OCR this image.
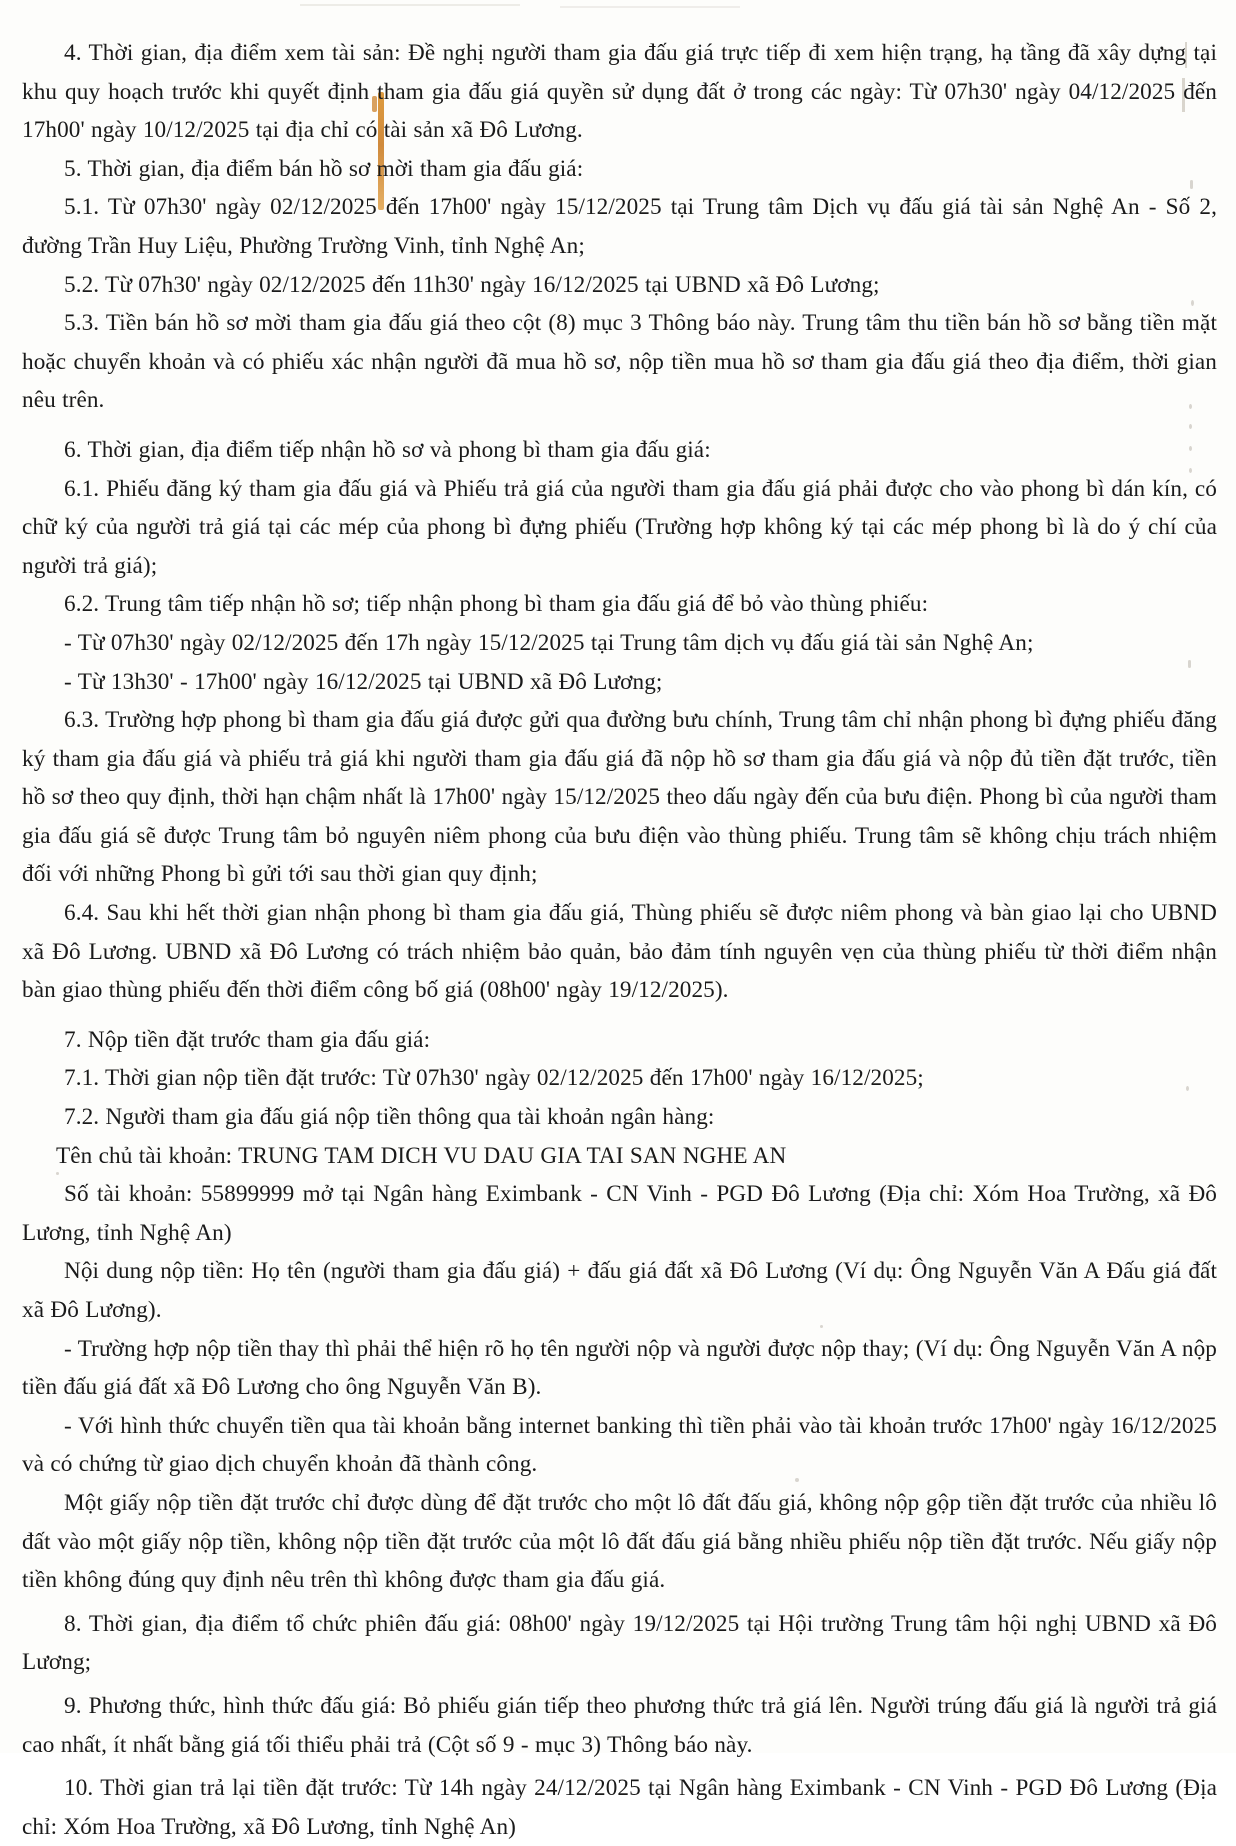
4. Thời gian, địa điểm xem tài sản: Đề nghị người tham gia đấu giá trực tiếp đi xem hiện trạng, hạ tầng đã xây dựng tại khu quy hoạch trước khi quyết định tham gia đấu giá quyền sử dụng đất ở trong các ngày: Từ 07h30' ngày 04/12/2025 đến 17h00' ngày 10/12/2025 tại địa chỉ có tài sản xã Đô Lương.

5. Thời gian, địa điểm bán hồ sơ mời tham gia đấu giá:

5.1. Từ 07h30' ngày 02/12/2025 đến 17h00' ngày 15/12/2025 tại Trung tâm Dịch vụ đấu giá tài sản Nghệ An - Số 2, đường Trần Huy Liệu, Phường Trường Vinh, tỉnh Nghệ An;

5.2. Từ 07h30' ngày 02/12/2025 đến 11h30' ngày 16/12/2025 tại UBND xã Đô Lương;

5.3. Tiền bán hồ sơ mời tham gia đấu giá theo cột (8) mục 3 Thông báo này. Trung tâm thu tiền bán hồ sơ bằng tiền mặt hoặc chuyển khoản và có phiếu xác nhận người đã mua hồ sơ, nộp tiền mua hồ sơ tham gia đấu giá theo địa điểm, thời gian nêu trên.

6. Thời gian, địa điểm tiếp nhận hồ sơ và phong bì tham gia đấu giá:

6.1. Phiếu đăng ký tham gia đấu giá và Phiếu trả giá của người tham gia đấu giá phải được cho vào phong bì dán kín, có chữ ký của người trả giá tại các mép của phong bì đựng phiếu (Trường hợp không ký tại các mép phong bì là do ý chí của người trả giá);

6.2. Trung tâm tiếp nhận hồ sơ; tiếp nhận phong bì tham gia đấu giá để bỏ vào thùng phiếu:

- Từ 07h30' ngày 02/12/2025 đến 17h ngày 15/12/2025 tại Trung tâm dịch vụ đấu giá tài sản Nghệ An;

- Từ 13h30' - 17h00' ngày 16/12/2025 tại UBND xã Đô Lương;

6.3. Trường hợp phong bì tham gia đấu giá được gửi qua đường bưu chính, Trung tâm chỉ nhận phong bì đựng phiếu đăng ký tham gia đấu giá và phiếu trả giá khi người tham gia đấu giá đã nộp hồ sơ tham gia đấu giá và nộp đủ tiền đặt trước, tiền hồ sơ theo quy định, thời hạn chậm nhất là 17h00' ngày 15/12/2025 theo dấu ngày đến của bưu điện. Phong bì của người tham gia đấu giá sẽ được Trung tâm bỏ nguyên niêm phong của bưu điện vào thùng phiếu. Trung tâm sẽ không chịu trách nhiệm đối với những Phong bì gửi tới sau thời gian quy định;

6.4. Sau khi hết thời gian nhận phong bì tham gia đấu giá, Thùng phiếu sẽ được niêm phong và bàn giao lại cho UBND xã Đô Lương. UBND xã Đô Lương có trách nhiệm bảo quản, bảo đảm tính nguyên vẹn của thùng phiếu từ thời điểm nhận bàn giao thùng phiếu đến thời điểm công bố giá (08h00' ngày 19/12/2025).

7. Nộp tiền đặt trước tham gia đấu giá:

7.1. Thời gian nộp tiền đặt trước: Từ 07h30' ngày 02/12/2025 đến 17h00' ngày 16/12/2025;

7.2. Người tham gia đấu giá nộp tiền thông qua tài khoản ngân hàng:

Tên chủ tài khoản: TRUNG TAM DICH VU DAU GIA TAI SAN NGHE AN

Số tài khoản: 55899999 mở tại Ngân hàng Eximbank - CN Vinh - PGD Đô Lương (Địa chỉ: Xóm Hoa Trường, xã Đô Lương, tỉnh Nghệ An)

Nội dung nộp tiền: Họ tên (người tham gia đấu giá) + đấu giá đất xã Đô Lương (Ví dụ: Ông Nguyễn Văn A Đấu giá đất xã Đô Lương).

- Trường hợp nộp tiền thay thì phải thể hiện rõ họ tên người nộp và người được nộp thay; (Ví dụ: Ông Nguyễn Văn A nộp tiền đấu giá đất xã Đô Lương cho ông Nguyễn Văn B).

- Với hình thức chuyển tiền qua tài khoản bằng internet banking thì tiền phải vào tài khoản trước 17h00' ngày 16/12/2025 và có chứng từ giao dịch chuyển khoản đã thành công.

Một giấy nộp tiền đặt trước chỉ được dùng để đặt trước cho một lô đất đấu giá, không nộp gộp tiền đặt trước của nhiều lô đất vào một giấy nộp tiền, không nộp tiền đặt trước của một lô đất đấu giá bằng nhiều phiếu nộp tiền đặt trước. Nếu giấy nộp tiền không đúng quy định nêu trên thì không được tham gia đấu giá.

8. Thời gian, địa điểm tổ chức phiên đấu giá: 08h00' ngày 19/12/2025 tại Hội trường Trung tâm hội nghị UBND xã Đô Lương;

9. Phương thức, hình thức đấu giá: Bỏ phiếu gián tiếp theo phương thức trả giá lên. Người trúng đấu giá là người trả giá cao nhất, ít nhất bằng giá tối thiểu phải trả (Cột số 9 - mục 3) Thông báo này.

10. Thời gian trả lại tiền đặt trước: Từ 14h ngày 24/12/2025 tại Ngân hàng Eximbank - CN Vinh - PGD Đô Lương (Địa chỉ: Xóm Hoa Trường, xã Đô Lương, tỉnh Nghệ An)
